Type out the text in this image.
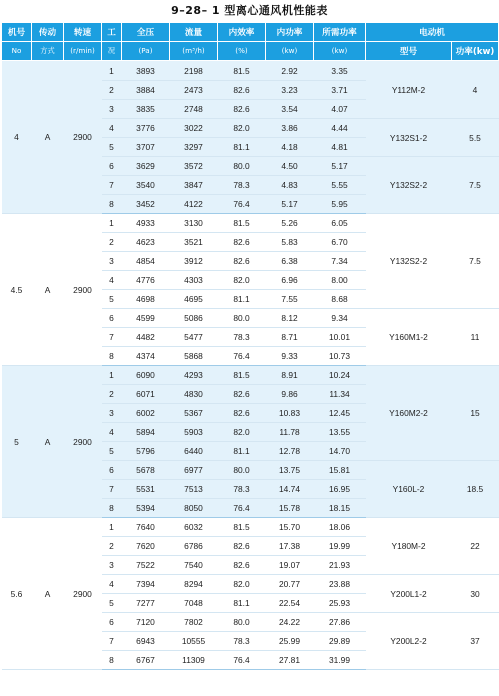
9–28– 1 型离心通风机性能表
机号	传动	转速	工	全压	流量	内效率	内功率	所需功率	电动机	
									型号	功率(kw)
No	方式	(r/min)	况	(Pa)	(m³/h)	(%)	(kw)	(kw)		
4	A	2900	1	3893	2198	81.5	2.92	3.35	Y112M-2	4
			2	3884	2473	82.6	3.23	3.71		
			3	3835	2748	82.6	3.54	4.07		
			4	3776	3022	82.0	3.86	4.44	Y132S1-2	5.5
			5	3707	3297	81.1	4.18	4.81		
			6	3629	3572	80.0	4.50	5.17	Y132S2-2	7.5
			7	3540	3847	78.3	4.83	5.55		
			8	3452	4122	76.4	5.17	5.95		
4.5	A	2900	1	4933	3130	81.5	5.26	6.05	Y132S2-2	7.5
			2	4623	3521	82.6	5.83	6.70		
			3	4854	3912	82.6	6.38	7.34		
			4	4776	4303	82.0	6.96	8.00		
			5	4698	4695	81.1	7.55	8.68		
			6	4599	5086	80.0	8.12	9.34	Y160M1-2	11
			7	4482	5477	78.3	8.71	10.01		
			8	4374	5868	76.4	9.33	10.73		
5	A	2900	1	6090	4293	81.5	8.91	10.24	Y160M2-2	15
			2	6071	4830	82.6	9.86	11.34		
			3	6002	5367	82.6	10.83	12.45		
			4	5894	5903	82.0	11.78	13.55		
			5	5796	6440	81.1	12.78	14.70		
			6	5678	6977	80.0	13.75	15.81	Y160L-2	18.5
			7	5531	7513	78.3	14.74	16.95		
			8	5394	8050	76.4	15.78	18.15		
5.6	A	2900	1	7640	6032	81.5	15.70	18.06	Y180M-2	22
			2	7620	6786	82.6	17.38	19.99		
			3	7522	7540	82.6	19.07	21.93		
			4	7394	8294	82.0	20.77	23.88	Y200L1-2	30
			5	7277	7048	81.1	22.54	25.93		
			6	7120	7802	80.0	24.22	27.86	Y200L2-2	37
			7	6943	10555	78.3	25.99	29.89		
			8	6767	11309	76.4	27.81	31.99		
